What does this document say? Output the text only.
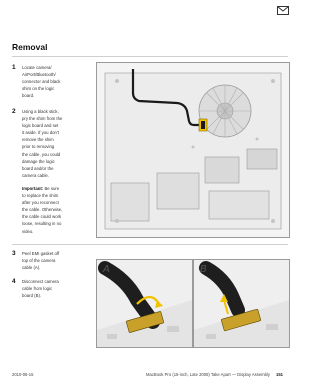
Removal
1 Locate camera/
AirPort/Bluetooth/
connector and black
shim on the logic
board.

2 Using a black stick,
pry the shim from the
logic board and set
it aside. If you don't
remove the shim
prior to removing
the cable, you could
damage the logic
board and/or the
camera cable.

Important: Be sure
to replace the shim
after you reconnect
the cable. Otherwise,
the cable could work
loose, resulting in no
video.

3 Peel EMI gasket off
top of the camera
cable (A).

4 Disconnect camera
cable from logic
board (B).

A	B
2010-06-15	MacBook Pro (15-inch, Late 2008) Take Apart — Display Assembly 151
